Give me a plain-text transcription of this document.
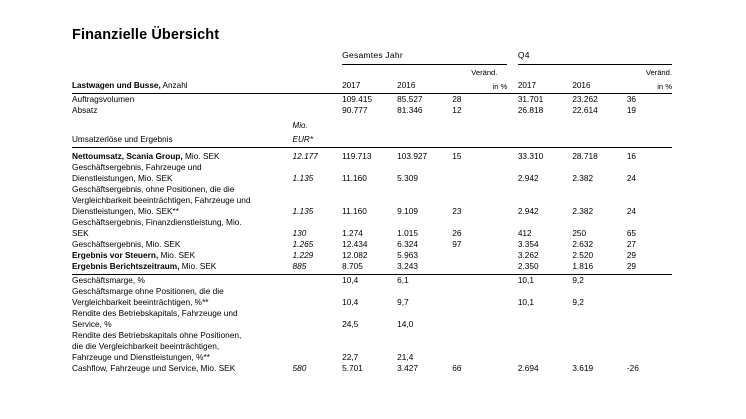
Finanzielle Übersicht
		Gesamtes Jahr				Q4		

				Veränd.				Veränd.

Lastwagen und Busse, Anzahl		2017	2016	in %		2017	2016	in %

Auftragsvolumen		109.415	85.527	28		31.701	23.262	36
Absatz		90.777	81.346	12		26.818	22.614	19

	Mio.							
Umsatzerlöse und Ergebnis	EUR*							

Nettoumsatz, Scania Group, Mio. SEK	12.177	119.713	103.927	15		33.310	28.718	16
Geschäftsergebnis, Fahrzeuge und								
Dienstleistungen, Mio. SEK	1.135	11.160	5.309			2.942	2.382	24
Geschäftsergebnis, ohne Positionen, die die								
Vergleichbarkeit beeinträchtigen, Fahrzeuge und								
Dienstleistungen, Mio. SEK**	1.135	11.160	9.109	23		2.942	2.382	24
Geschäftsergebnis, Finanzdienstleistung, Mio.								
SEK	130	1.274	1.015	26		412	250	65
Geschäftsergebnis, Mio. SEK	1.265	12.434	6.324	97		3.354	2.632	27
Ergebnis vor Steuern, Mio. SEK	1.229	12.082	5.963			3.262	2.520	29
Ergebnis Berichtszeitraum, Mio. SEK	885	8.705	3.243			2.350	1.816	29
Geschäftsmarge, %		10,4	6,1			10,1	9,2	
Geschäftsmarge ohne Positionen, die die								
Vergleichbarkeit beeinträchtigen, %**		10,4	9,7			10,1	9,2	
Rendite des Betriebskapitals, Fahrzeuge und								
Service, %		24,5	14,0					
Rendite des Betriebskapitals ohne Positionen,								
die die Vergleichbarkeit beeinträchtigen,								
Fahrzeuge und Dienstleistungen, %**		22,7	21,4					
Cashflow, Fahrzeuge und Service, Mio. SEK	580	5.701	3.427	66		2.694	3.619	-26
